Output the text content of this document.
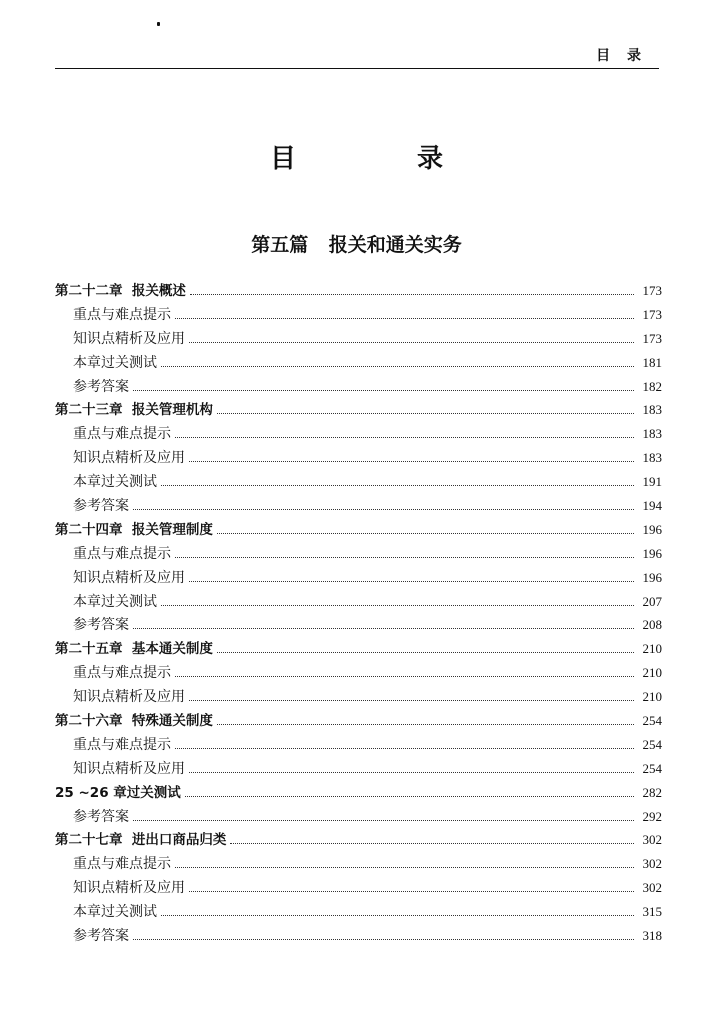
目 录
目 录
第五篇 报关和通关实务
第二十二章  报关概述	173
重点与难点提示	173
知识点精析及应用	173
本章过关测试	181
参考答案	182
第二十三章  报关管理机构	183
重点与难点提示	183
知识点精析及应用	183
本章过关测试	191
参考答案	194
第二十四章  报关管理制度	196
重点与难点提示	196
知识点精析及应用	196
本章过关测试	207
参考答案	208
第二十五章  基本通关制度	210
重点与难点提示	210
知识点精析及应用	210
第二十六章  特殊通关制度	254
重点与难点提示	254
知识点精析及应用	254
25 ~26 章过关测试	282
参考答案	292
第二十七章  进出口商品归类	302
重点与难点提示	302
知识点精析及应用	302
本章过关测试	315
参考答案	318
